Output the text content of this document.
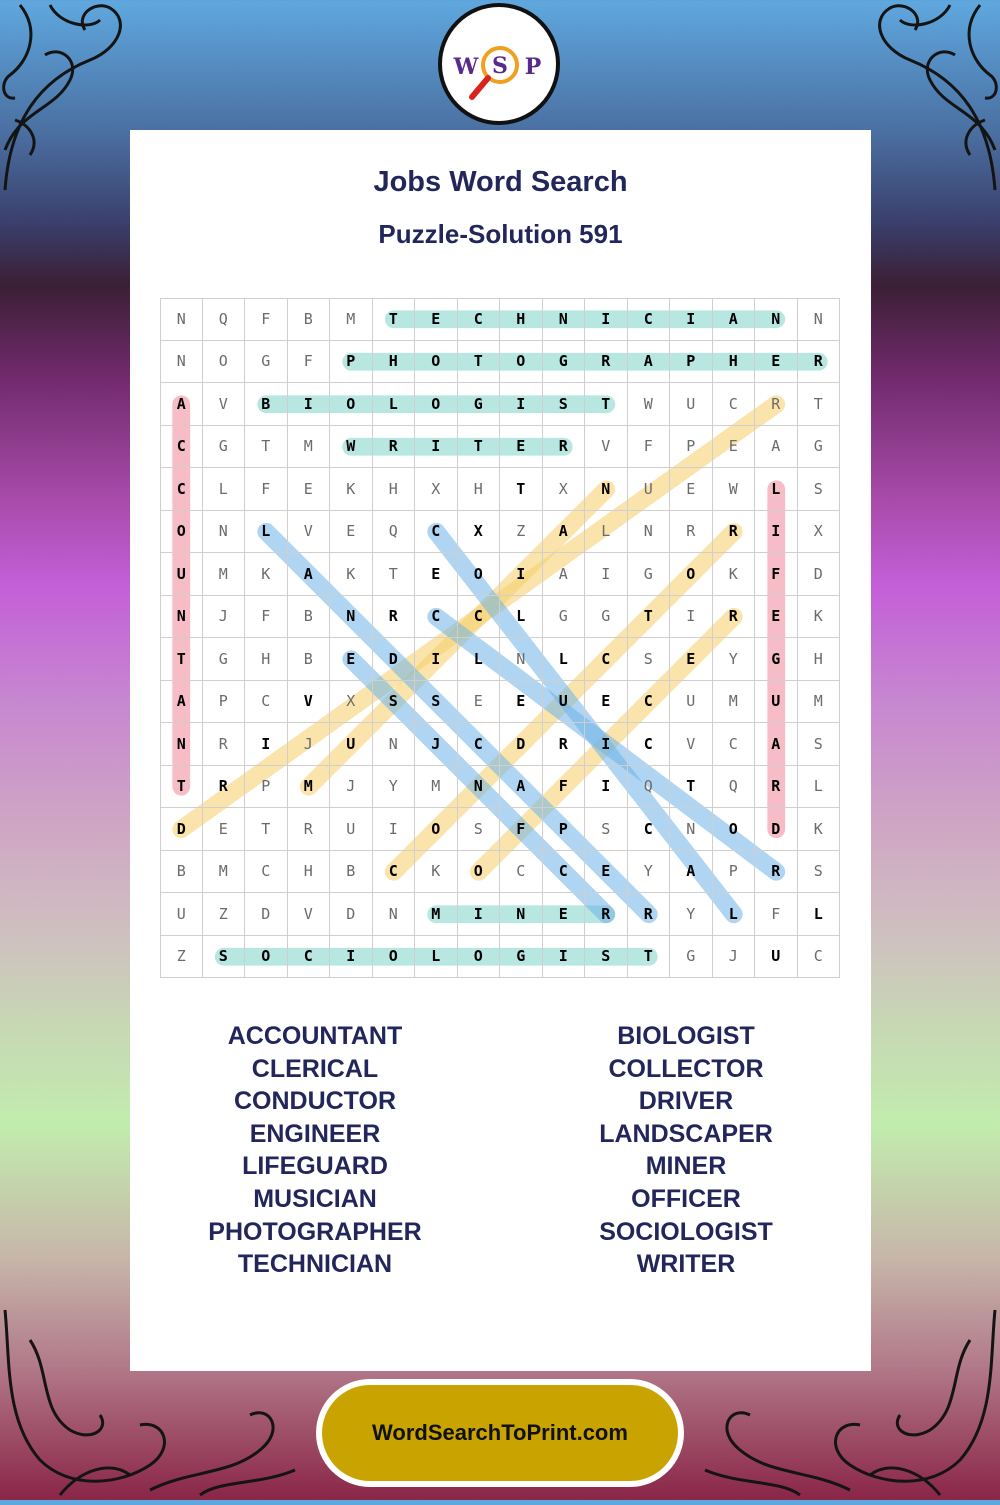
W S P
Jobs Word Search
Puzzle-Solution 591
N	Q	F	B	M	T	E	C	H	N	I	C	I	A	N	N
N	O	G	F	P	H	O	T	O	G	R	A	P	H	E	R
A	V	B	I	O	L	O	G	I	S	T	W	U	C	R	T
C	G	T	M	W	R	I	T	E	R	V	F	P	E	A	G
C	L	F	E	K	H	X	H	T	X	N	U	E	W	L	S
O	N	L	V	E	Q	C	X	Z	A	L	N	R	R	I	X
U	M	K	A	K	T	E	O	I	A	I	G	O	K	F	D
N	J	F	B	N	R	C	C	L	G	G	T	I	R	E	K
T	G	H	B	E	D	I	L	N	L	C	S	E	Y	G	H
A	P	C	V	X	S	S	E	E	U	E	C	U	M	U	M
N	R	I	J	U	N	J	C	D	R	I	C	V	C	A	S
T	R	P	M	J	Y	M	N	A	F	I	Q	T	Q	R	L
D	E	T	R	U	I	O	S	F	P	S	C	N	O	D	K
B	M	C	H	B	C	K	O	C	C	E	Y	A	P	R	S
U	Z	D	V	D	N	M	I	N	E	R	R	Y	L	F	L
Z	S	O	C	I	O	L	O	G	I	S	T	G	J	U	C
ACCOUNTANT
CLERICAL
CONDUCTOR
ENGINEER
LIFEGUARD
MUSICIAN
PHOTOGRAPHER
TECHNICIAN
BIOLOGIST
COLLECTOR
DRIVER
LANDSCAPER
MINER
OFFICER
SOCIOLOGIST
WRITER
WordSearchToPrint.com
